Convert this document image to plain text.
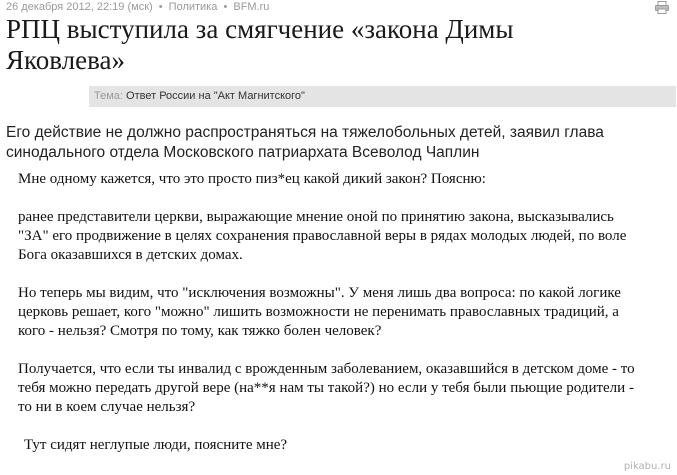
26 декабря 2012, 22:19 (мск) • Политика • BFM.ru
РПЦ выступила за смягчение «закона Димы Яковлева»
Тема: Ответ России на "Акт Магнитского"

Его действие не должно распространяться на тяжелобольных детей, заявил глава синодального отдела Московского патриархата Всеволод Чаплин

Мне одному кажется, что это просто пиз*ец какой дикий закон? Поясню:

ранее представители церкви, выражающие мнение оной по принятию закона, высказывались "ЗА" его продвижение в целях сохранения православной веры в рядах молодых людей, по воле Бога оказавшихся в детских домах.

Но теперь мы видим, что "исключения возможны". У меня лишь два вопроса: по какой логике церковь решает, кого "можно" лишить возможности не перенимать православных традиций, а кого - нельзя? Смотря по тому, как тяжко болен человек?

Получается, что если ты инвалид с врожденным заболеванием, оказавшийся в детском доме - то тебя можно передать другой вере (на**я нам ты такой?) но если у тебя были пьющие родители - то ни в коем случае нельзя?

Тут сидят неглупые люди, поясните мне?

pikabu.ru
